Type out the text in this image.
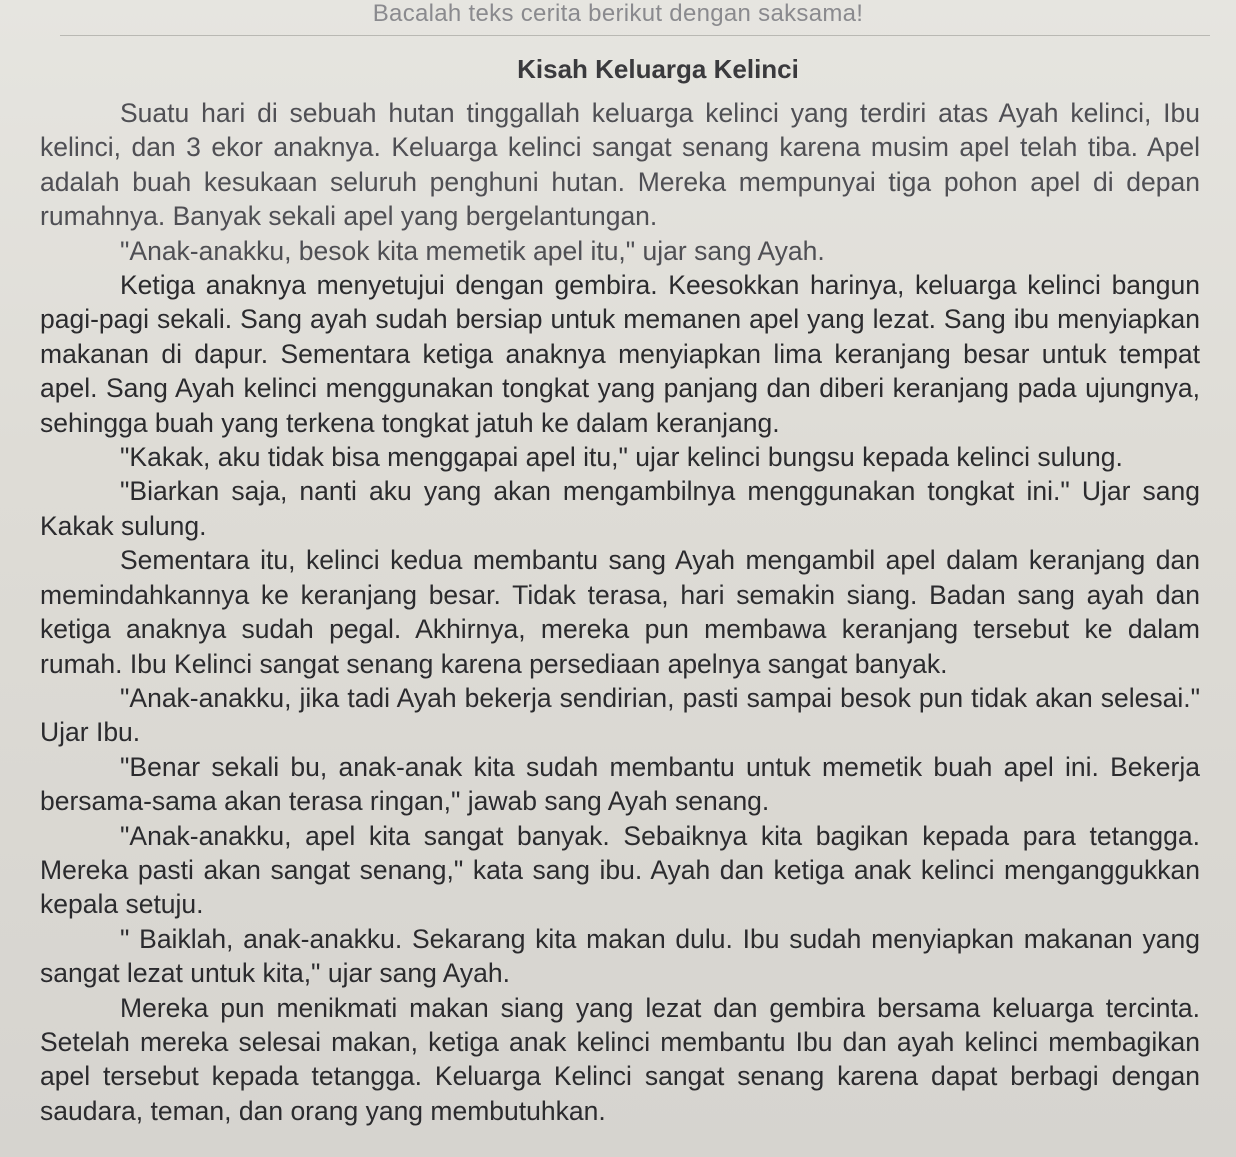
Bacalah teks cerita berikut dengan saksama!
Kisah Keluarga Kelinci

Suatu hari di sebuah hutan tinggallah keluarga kelinci yang terdiri atas Ayah kelinci, Ibu kelinci, dan 3 ekor anaknya. Keluarga kelinci sangat senang karena musim apel telah tiba. Apel adalah buah kesukaan seluruh penghuni hutan. Mereka mempunyai tiga pohon apel di depan rumahnya. Banyak sekali apel yang bergelantungan.

"Anak-anakku, besok kita memetik apel itu," ujar sang Ayah.

Ketiga anaknya menyetujui dengan gembira. Keesokkan harinya, keluarga kelinci bangun pagi-pagi sekali. Sang ayah sudah bersiap untuk memanen apel yang lezat. Sang ibu menyiapkan makanan di dapur. Sementara ketiga anaknya menyiapkan lima keranjang besar untuk tempat apel. Sang Ayah kelinci menggunakan tongkat yang panjang dan diberi keranjang pada ujungnya, sehingga buah yang terkena tongkat jatuh ke dalam keranjang.

"Kakak, aku tidak bisa menggapai apel itu," ujar kelinci bungsu kepada kelinci sulung.

"Biarkan saja, nanti aku yang akan mengambilnya menggunakan tongkat ini." Ujar sang Kakak sulung.

Sementara itu, kelinci kedua membantu sang Ayah mengambil apel dalam keranjang dan memindahkannya ke keranjang besar. Tidak terasa, hari semakin siang. Badan sang ayah dan ketiga anaknya sudah pegal. Akhirnya, mereka pun membawa keranjang tersebut ke dalam rumah. Ibu Kelinci sangat senang karena persediaan apelnya sangat banyak.

"Anak-anakku, jika tadi Ayah bekerja sendirian, pasti sampai besok pun tidak akan selesai." Ujar Ibu.

"Benar sekali bu, anak-anak kita sudah membantu untuk memetik buah apel ini. Bekerja bersama-sama akan terasa ringan," jawab sang Ayah senang.

"Anak-anakku, apel kita sangat banyak. Sebaiknya kita bagikan kepada para tetangga. Mereka pasti akan sangat senang," kata sang ibu. Ayah dan ketiga anak kelinci menganggukkan kepala setuju.

" Baiklah, anak-anakku. Sekarang kita makan dulu. Ibu sudah menyiapkan makanan yang sangat lezat untuk kita," ujar sang Ayah.

Mereka pun menikmati makan siang yang lezat dan gembira bersama keluarga tercinta. Setelah mereka selesai makan, ketiga anak kelinci membantu Ibu dan ayah kelinci membagikan apel tersebut kepada tetangga. Keluarga Kelinci sangat senang karena dapat berbagi dengan saudara, teman, dan orang yang membutuhkan.
